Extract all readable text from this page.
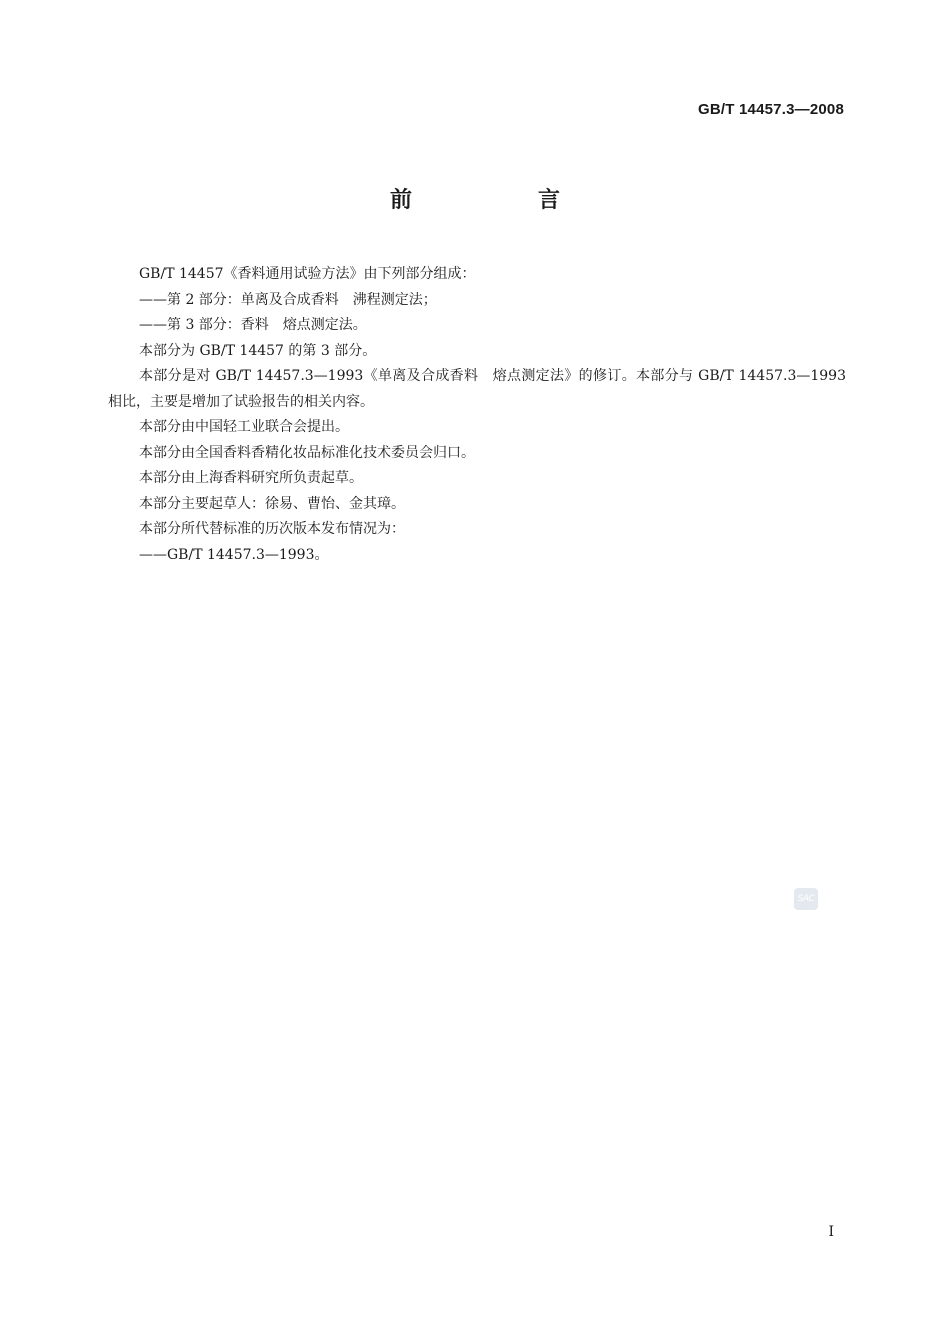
GB/T 14457.3—2008
前　言

GB/T 14457《香料通用试验方法》由下列部分组成：

——第 2 部分：单离及合成香料　沸程测定法；

——第 3 部分：香料　熔点测定法。

本部分为 GB/T 14457 的第 3 部分。

本部分是对 GB/T 14457.3—1993《单离及合成香料　熔点测定法》的修订。本部分与 GB/T 14457.3—1993 相比，主要是增加了试验报告的相关内容。

本部分由中国轻工业联合会提出。

本部分由全国香料香精化妆品标准化技术委员会归口。

本部分由上海香料研究所负责起草。

本部分主要起草人：徐易、曹怡、金其璋。

本部分所代替标准的历次版本发布情况为：

——GB/T 14457.3—1993。

SAC
I
